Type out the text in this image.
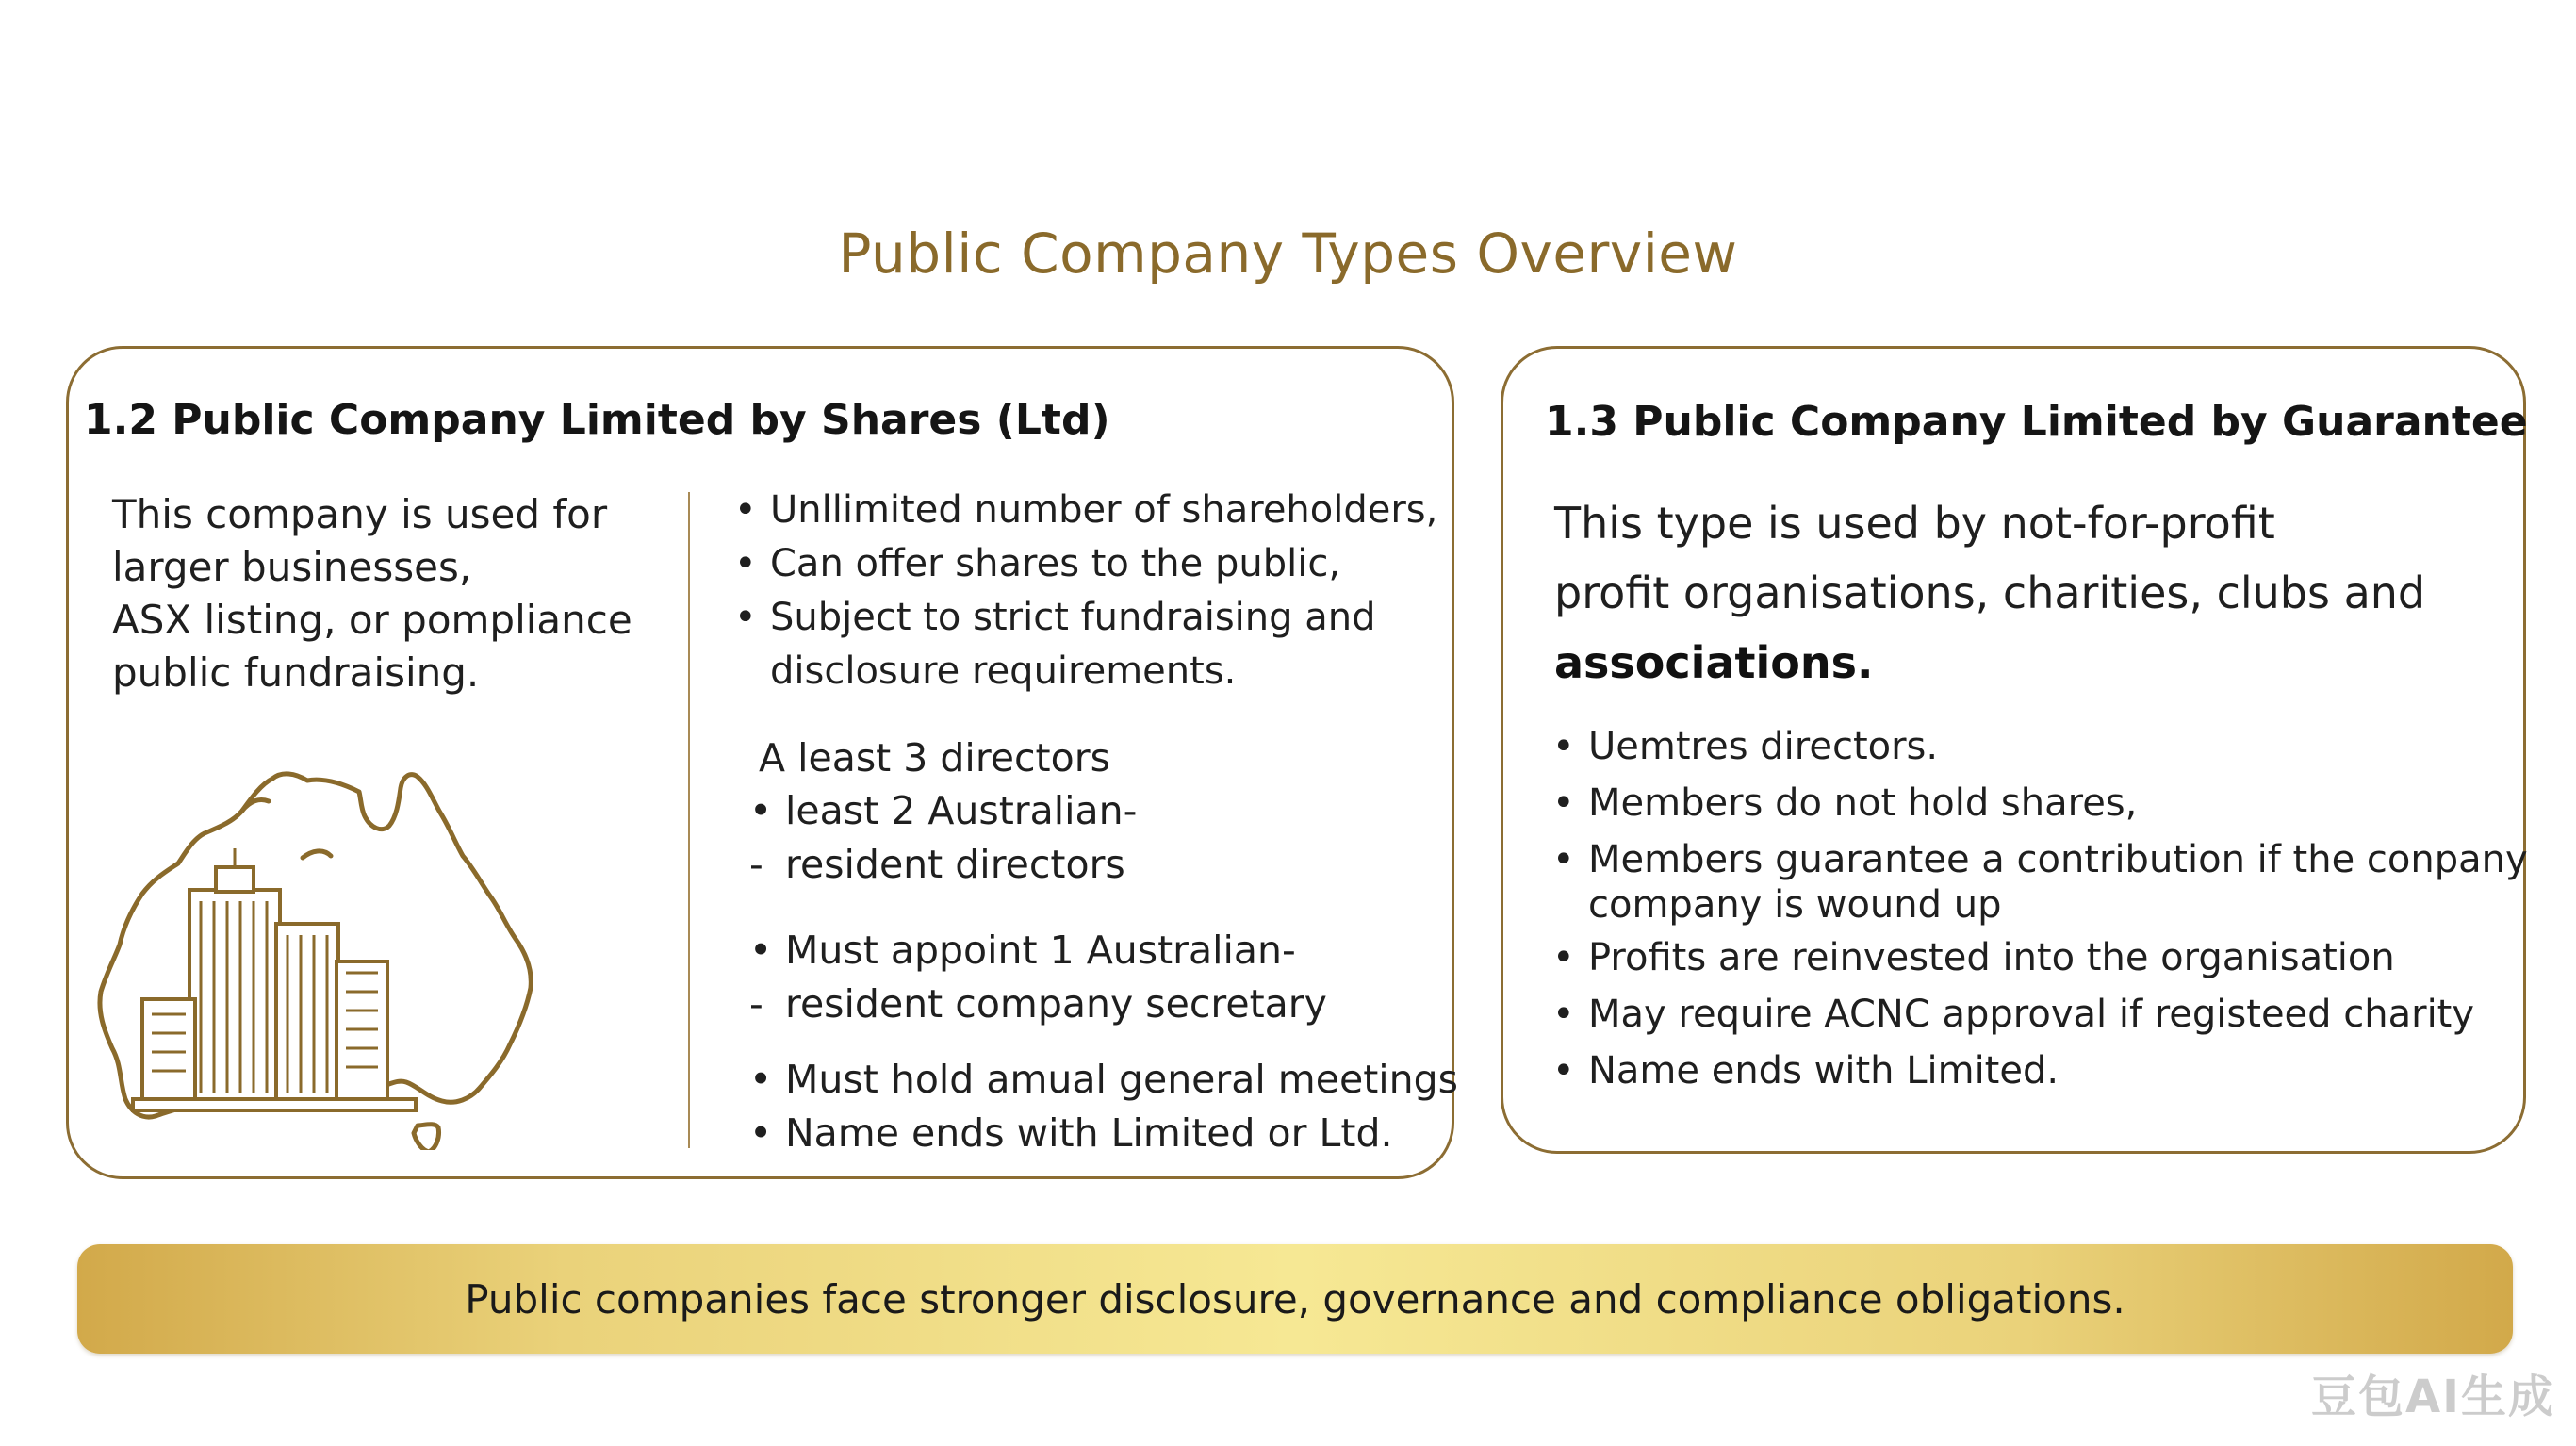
Public Company Types Overview
1.2 Public Company Limited by Shares (Ltd)
This company is used for
larger businesses,
ASX listing, or pompliance
public fundraising.
• Unllimited number of shareholders,
• Can offer shares to the public,
• Subject to strict fundraising and
disclosure requirements.
A least 3 directors
• least 2 Australian-
- resident directors
• Must appoint 1 Australian-
- resident company secretary
• Must hold amual general meetings
• Name ends with Limited or Ltd.
1.3 Public Company Limited by Guarantee
This type is used by not-for-profit
profit organisations, charities, clubs and
associations.
• Uemtres directors.
• Members do not hold shares,
• Members guarantee a contribution if the conpany
company is wound up
• Profits are reinvested into the organisation
• May require ACNC approval if registeed charity
• Name ends with Limited.
Public companies face stronger disclosure, governance and compliance obligations.
豆包AI生成
